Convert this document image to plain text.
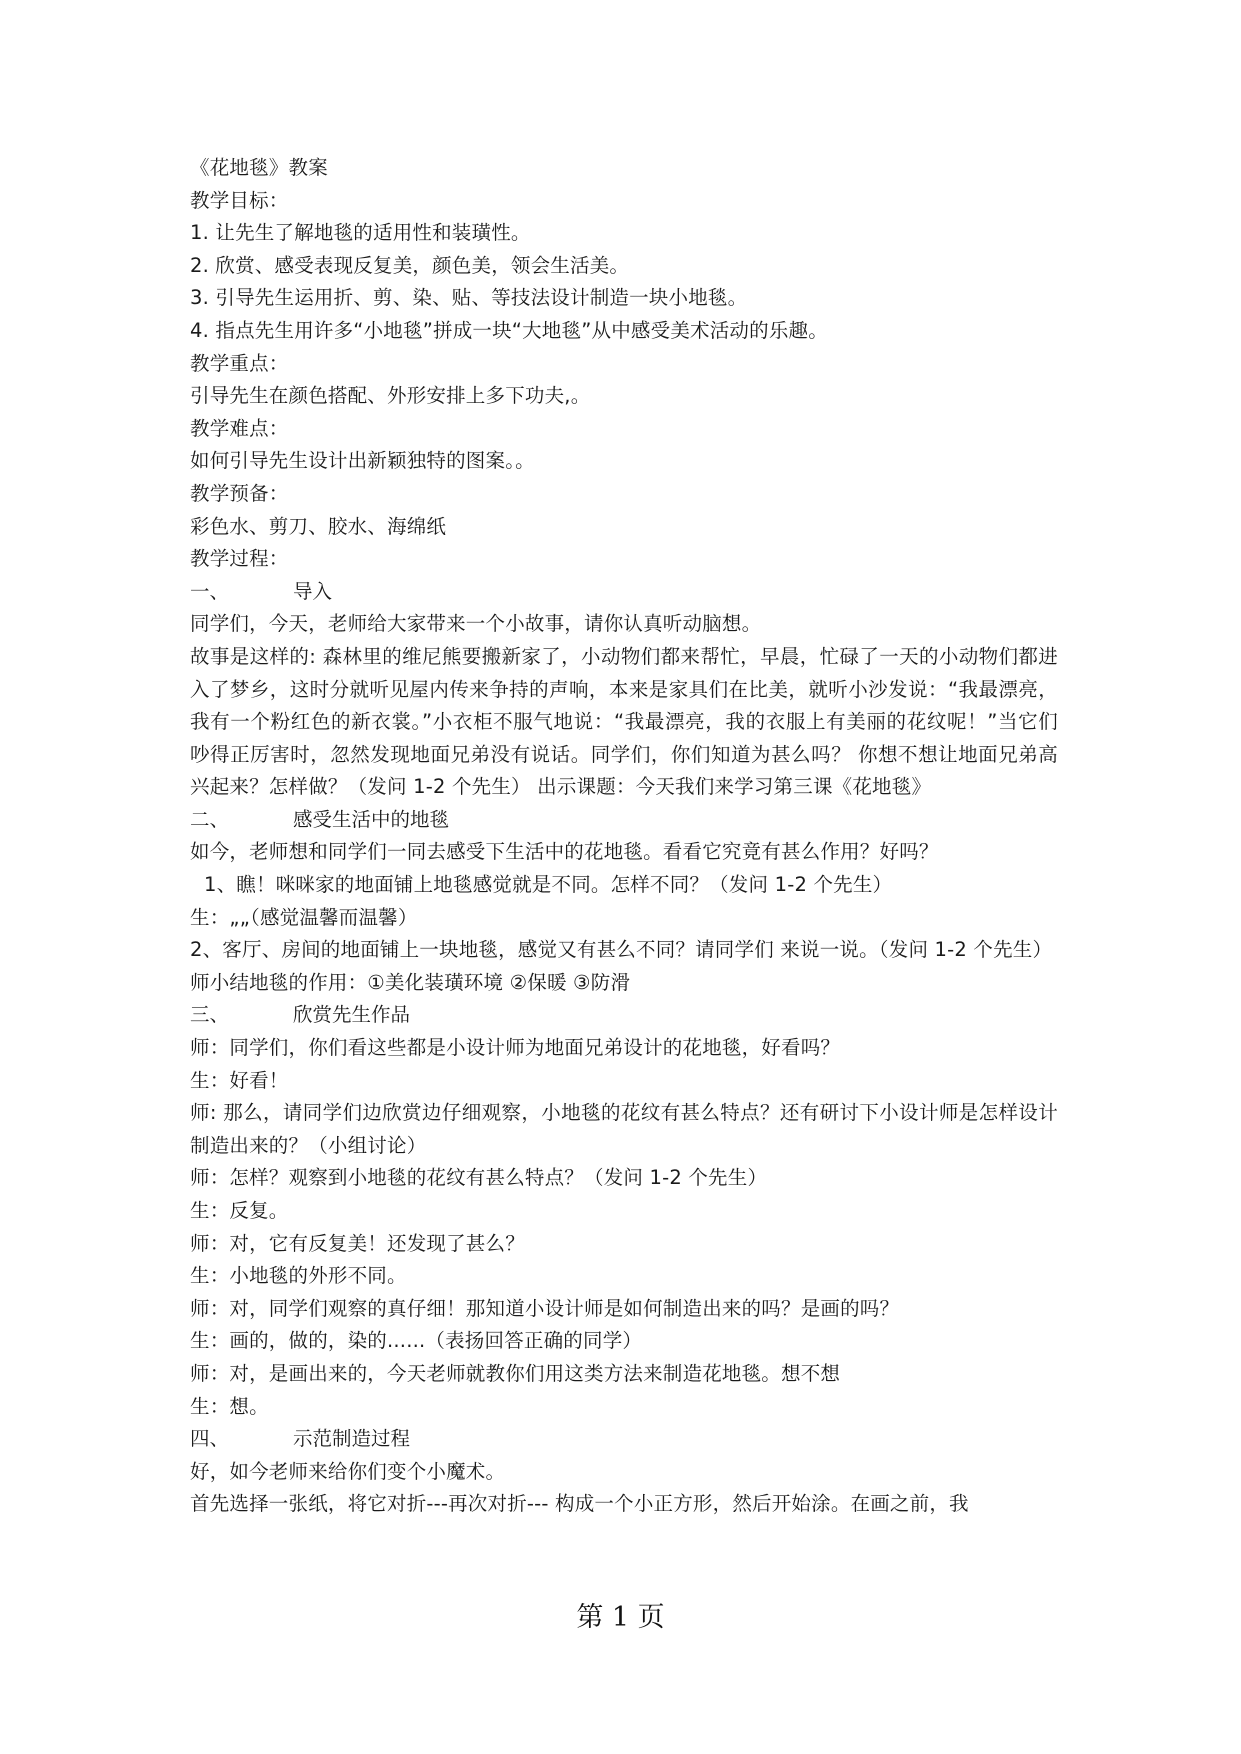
《花地毯》教案
教学目标：
1. 让先生了解地毯的适用性和装璜性。
2. 欣赏、感受表现反复美，颜色美，领会生活美。
3. 引导先生运用折、剪、染、贴、等技法设计制造一块小地毯。
4. 指点先生用许多“小地毯”拼成一块“大地毯”从中感受美术活动的乐趣。
教学重点：
引导先生在颜色搭配、外形安排上多下功夫,。
教学难点：
如何引导先生设计出新颖独特的图案。。
教学预备：
彩色水、剪刀、胶水、海绵纸
教学过程：
一、	导入
同学们，今天，老师给大家带来一个小故事，请你认真听动脑想。
故事是这样的: 森林里的维尼熊要搬新家了，小动物们都来帮忙，早晨，忙碌了一天的小动物们都进入了梦乡，这时分就听见屋内传来争持的声响，本来是家具们在比美，就听小沙发说：“我最漂亮，我有一个粉红色的新衣裳。”小衣柜不服气地说：“我最漂亮，我的衣服上有美丽的花纹呢！”当它们吵得正厉害时，忽然发现地面兄弟没有说话。同学们，你们知道为甚么吗？ 你想不想让地面兄弟高兴起来？怎样做？（发问 1-2 个先生） 出示课题：今天我们来学习第三课《花地毯》
二、	感受生活中的地毯
如今，老师想和同学们一同去感受下生活中的花地毯。看看它究竟有甚么作用？好吗？
1、瞧！咪咪家的地面铺上地毯感觉就是不同。怎样不同？（发问 1-2 个先生）
生：„„（感觉温馨而温馨）
2、客厅、房间的地面铺上一块地毯，感觉又有甚么不同？请同学们 来说一说。（发问 1-2 个先生）
师小结地毯的作用：①美化装璜环境 ②保暖 ③防滑
三、	欣赏先生作品
师：同学们，你们看这些都是小设计师为地面兄弟设计的花地毯，好看吗？
生：好看！
师: 那么，请同学们边欣赏边仔细观察，小地毯的花纹有甚么特点？还有研讨下小设计师是怎样设计制造出来的？（小组讨论）
师：怎样？观察到小地毯的花纹有甚么特点？（发问 1-2 个先生）
生：反复。
师：对，它有反复美！还发现了甚么？
生：小地毯的外形不同。
师：对，同学们观察的真仔细！那知道小设计师是如何制造出来的吗？是画的吗？
生：画的，做的，染的......（表扬回答正确的同学）
师：对，是画出来的，今天老师就教你们用这类方法来制造花地毯。想不想
生：想。
四、	示范制造过程
好，如今老师来给你们变个小魔术。
首先选择一张纸，将它对折---再次对折--- 构成一个小正方形，然后开始涂。在画之前，我
第 1 页
